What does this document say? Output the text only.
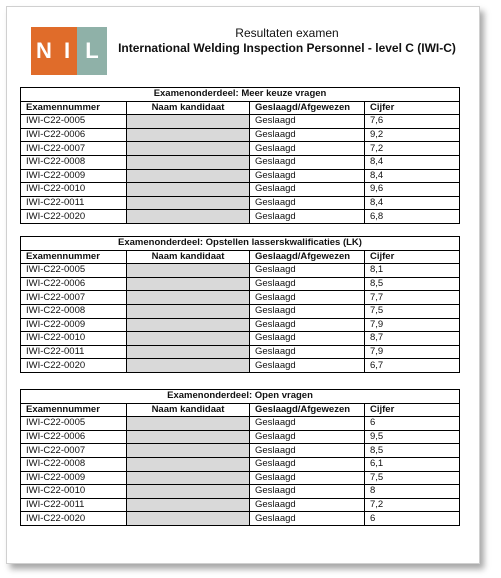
N I L
Resultaten examen
International Welding Inspection Personnel - level C (IWI-C)
Examenonderdeel: Meer keuze vragen			
Examennummer	Naam kandidaat	Geslaagd/Afgewezen	Cijfer
IWI-C22-0005		Geslaagd	7,6
IWI-C22-0006		Geslaagd	9,2
IWI-C22-0007		Geslaagd	7,2
IWI-C22-0008		Geslaagd	8,4
IWI-C22-0009		Geslaagd	8,4
IWI-C22-0010		Geslaagd	9,6
IWI-C22-0011		Geslaagd	8,4
IWI-C22-0020		Geslaagd	6,8
Examenonderdeel: Opstellen lasserskwalificaties (LK)			
Examennummer	Naam kandidaat	Geslaagd/Afgewezen	Cijfer
IWI-C22-0005		Geslaagd	8,1
IWI-C22-0006		Geslaagd	8,5
IWI-C22-0007		Geslaagd	7,7
IWI-C22-0008		Geslaagd	7,5
IWI-C22-0009		Geslaagd	7,9
IWI-C22-0010		Geslaagd	8,7
IWI-C22-0011		Geslaagd	7,9
IWI-C22-0020		Geslaagd	6,7
Examenonderdeel: Open vragen			
Examennummer	Naam kandidaat	Geslaagd/Afgewezen	Cijfer
IWI-C22-0005		Geslaagd	6
IWI-C22-0006		Geslaagd	9,5
IWI-C22-0007		Geslaagd	8,5
IWI-C22-0008		Geslaagd	6,1
IWI-C22-0009		Geslaagd	7,5
IWI-C22-0010		Geslaagd	8
IWI-C22-0011		Geslaagd	7,2
IWI-C22-0020		Geslaagd	6
